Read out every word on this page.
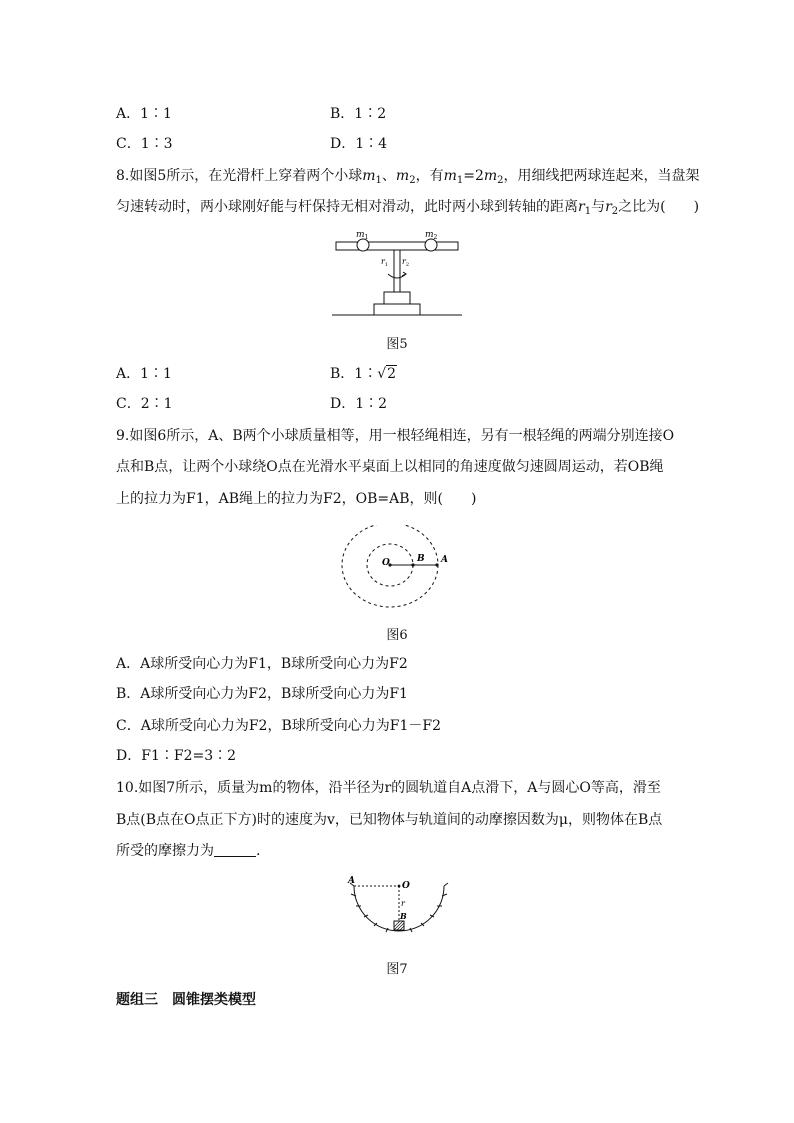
A．1∶1	B．1∶2
C．1∶3	D．1∶4
8.如图5所示，在光滑杆上穿着两个小球$m_1$、$m_2$，有$m_1=2m_2$，用细线把两球连起来，当盘架
匀速转动时，两小球刚好能与杆保持无相对滑动，此时两小球到转轴的距离$r_1$与$r_2$之比为(　　)
$m_1$	$m_2$
$r_1$ $r_2$
图5
A．1∶1	B．1∶√2
C．2∶1	D．1∶2
9.如图6所示，A、B两个小球质量相等，用一根轻绳相连，另有一根轻绳的两端分别连接O
点和B点，让两个小球绕O点在光滑水平桌面上以相同的角速度做匀速圆周运动，若OB绳
上的拉力为F1，AB绳上的拉力为F2，OB=AB，则(　　)
O	B A
图6
A．A球所受向心力为F1，B球所受向心力为F2
B．A球所受向心力为F2，B球所受向心力为F1
C．A球所受向心力为F2，B球所受向心力为F1－F2
D．F1∶F2=3∶2
10.如图7所示，质量为m的物体，沿半径为r的圆轨道自A点滑下，A与圆心O等高，滑至
B点(B点在O点正下方)时的速度为v，已知物体与轨道间的动摩擦因数为μ，则物体在B点
所受的摩擦力为	.
A	O
r
B
图7
题组三　圆锥摆类模型
